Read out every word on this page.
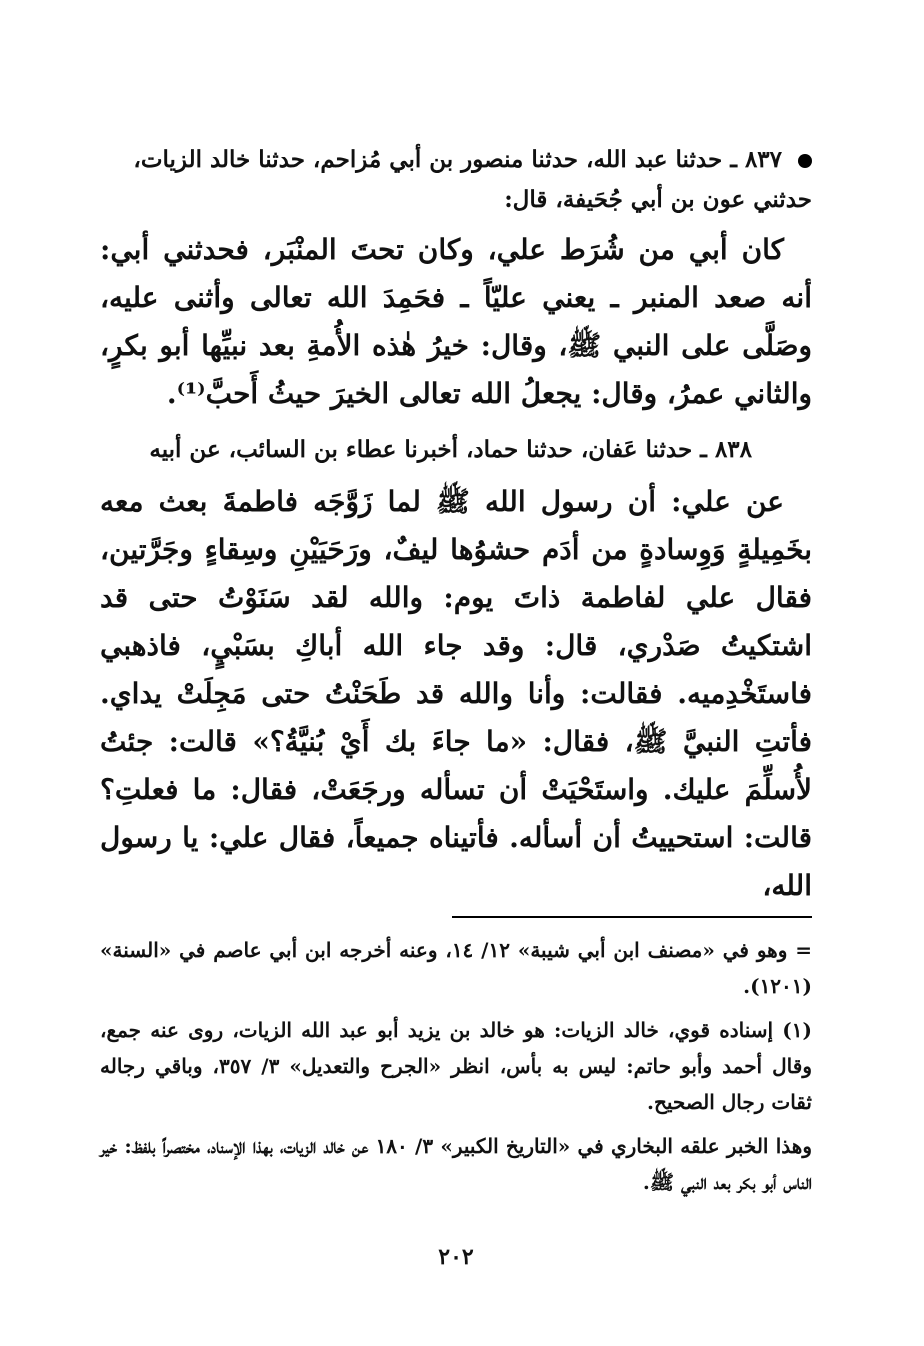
٨٣٧ ـ حدثنا عبد الله، حدثنا منصور بن أبي مُزاحم، حدثنا خالد الزيات،
حدثني عون بن أبي جُحَيفة، قال:
كان أبي من شُرَط علي، وكان تحتَ المنْبَر، فحدثني أبي: أنه صعد المنبر ـ يعني عليّاً ـ فحَمِدَ الله تعالى وأثنى عليه، وصَلَّى على النبي ﷺ، وقال: خيرُ هٰذه الأُمةِ بعد نبيِّها أبو بكرٍ، والثاني عمرُ، وقال: يجعلُ الله تعالى الخيرَ حيثُ أَحبَّ⁽¹⁾.
٨٣٨ ـ حدثنا عَفان، حدثنا حماد، أخبرنا عطاء بن السائب، عن أبيه
عن علي: أن رسول الله ﷺ لما زَوَّجَه فاطمةَ بعث معه بخَمِيلةٍ وَوِسادةٍ من أدَم حشوُها ليفٌ، ورَحَيَيْنِ وسِقاءٍ وجَرَّتين، فقال علي لفاطمة ذاتَ يوم: والله لقد سَنَوْتُ حتى قد اشتكيتُ صَدْري، قال: وقد جاء الله أباكِ بسَبْيٍ، فاذهبي فاستَخْدِميه. فقالت: وأنا والله قد طَحَنْتُ حتى مَجِلَتْ يداي. فأتتِ النبيَّ ﷺ، فقال: «ما جاءَ بك أَيْ بُنيَّةُ؟» قالت: جئتُ لأُسلِّمَ عليك. واستَحْيَتْ أن تسأله ورجَعَتْ، فقال: ما فعلتِ؟ قالت: استحييتُ أن أسأله. فأتيناه جميعاً، فقال علي: يا رسول الله،

= وهو في «مصنف ابن أبي شيبة» ١٢/ ١٤، وعنه أخرجه ابن أبي عاصم في «السنة» (١٢٠١).

(١) إسناده قوي، خالد الزيات: هو خالد بن يزيد أبو عبد الله الزيات، روى عنه جمع، وقال أحمد وأبو حاتم: ليس به بأس، انظر «الجرح والتعديل» ٣/ ٣٥٧، وباقي رجاله ثقات رجال الصحيح.

وهذا الخبر علقه البخاري في «التاريخ الكبير» ٣/ ١٨٠ عن خالد الزيات، بهذا الإسناد، مختصراً بلفظ: خير الناس أبو بكر بعد النبي ﷺ.

٢٠٢
